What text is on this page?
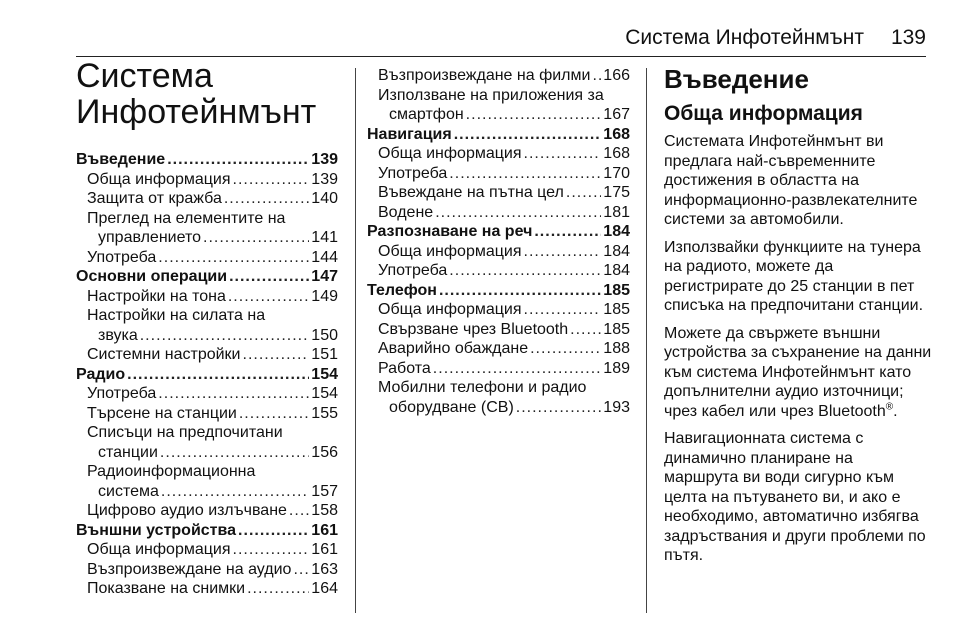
Система Инфотейнмънт 139
Система
Инфотейнмънт
Въведение .....	139
Обща информация .....	139
Защита от кражба .....	140
Преглед на елементите на
управлението .....	141
Употреба .....	144
Основни операции .....	147
Настройки на тона .....	149
Настройки на силата на
звука .....	150
Системни настройки .....	151
Радио .....	154
Употреба .....	154
Търсене на станции .....	155
Списъци на предпочитани
станции .....	156
Радиоинформационна
система .....	157
Цифрово аудио излъчване ..... 158
Външни устройства .....	161
Обща информация .....	161
Възпроизвеждане на аудио ..... 163
Показване на снимки .....	164
Възпроизвеждане на филми ..... 166
Използване на приложения за
смартфон .....	167
Навигация .....	168
Обща информация .....	168
Употреба .....	170
Въвеждане на пътна цел ..... 175
Водене .....	181
Разпознаване на реч .....	184
Обща информация .....	184
Употреба .....	184
Телефон .....	185
Обща информация .....	185
Свързване чрез Bluetooth ..... 185
Аварийно обаждане .....	188
Работа .....	189
Мобилни телефони и радио
оборудване (CB) .....	193
Въведение
Обща информация

Системата Инфотейнмънт ви
предлага най-съвременните
достижения в областта на
информационно-развлекателните
системи за автомобили.

Използвайки функциите на тунера
на радиото, можете да
регистрирате до 25 станции в пет
списъка на предпочитани станции.

Можете да свържете външни
устройства за съхранение на данни
към система Инфотейнмънт като
допълнителни аудио източници;
чрез кабел или чрез Bluetooth®.

Навигационната система с
динамично планиране на
маршрута ви води сигурно към
целта на пътуването ви, и ако е
необходимо, автоматично избягва
задръствания и други проблеми по
пътя.
